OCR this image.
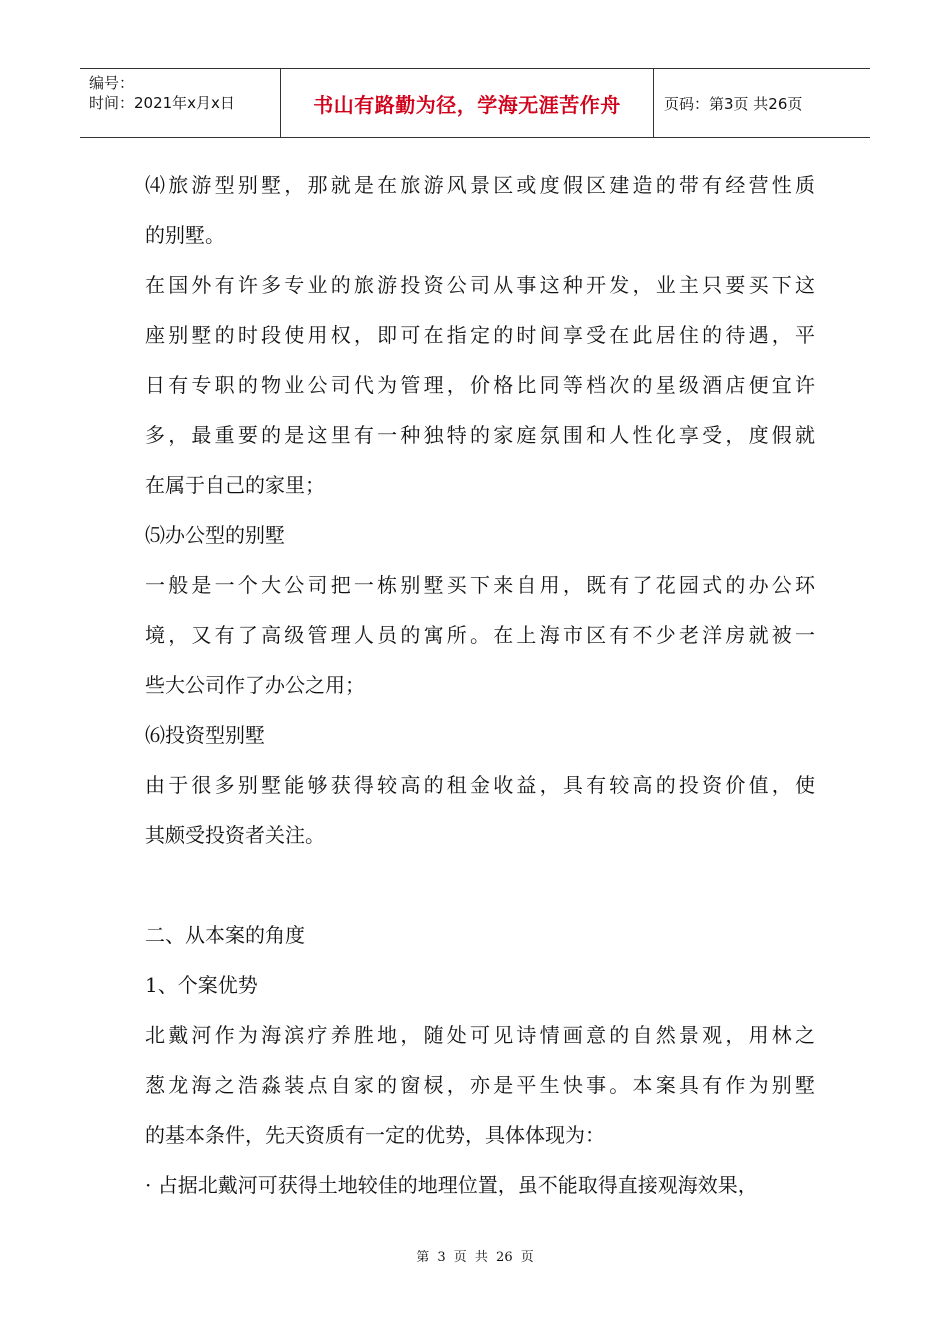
编号：
时间：2021年x月x日	书山有路勤为径，学海无涯苦作舟	页码：第3页 共26页
⑷旅游型别墅，那就是在旅游风景区或度假区建造的带有经营性质
的别墅。
在国外有许多专业的旅游投资公司从事这种开发，业主只要买下这
座别墅的时段使用权，即可在指定的时间享受在此居住的待遇，平
日有专职的物业公司代为管理，价格比同等档次的星级酒店便宜许
多，最重要的是这里有一种独特的家庭氛围和人性化享受，度假就
在属于自己的家里；
⑸办公型的别墅
一般是一个大公司把一栋别墅买下来自用，既有了花园式的办公环
境，又有了高级管理人员的寓所。在上海市区有不少老洋房就被一
些大公司作了办公之用；
⑹投资型别墅
由于很多别墅能够获得较高的租金收益，具有较高的投资价值，使
其颇受投资者关注。
二、从本案的角度
1、个案优势
北戴河作为海滨疗养胜地，随处可见诗情画意的自然景观，用林之
葱龙海之浩淼装点自家的窗棂，亦是平生快事。本案具有作为别墅
的基本条件，先天资质有一定的优势，具体体现为：
· 占据北戴河可获得土地较佳的地理位置，虽不能取得直接观海效果，
第 3 页 共 26 页
